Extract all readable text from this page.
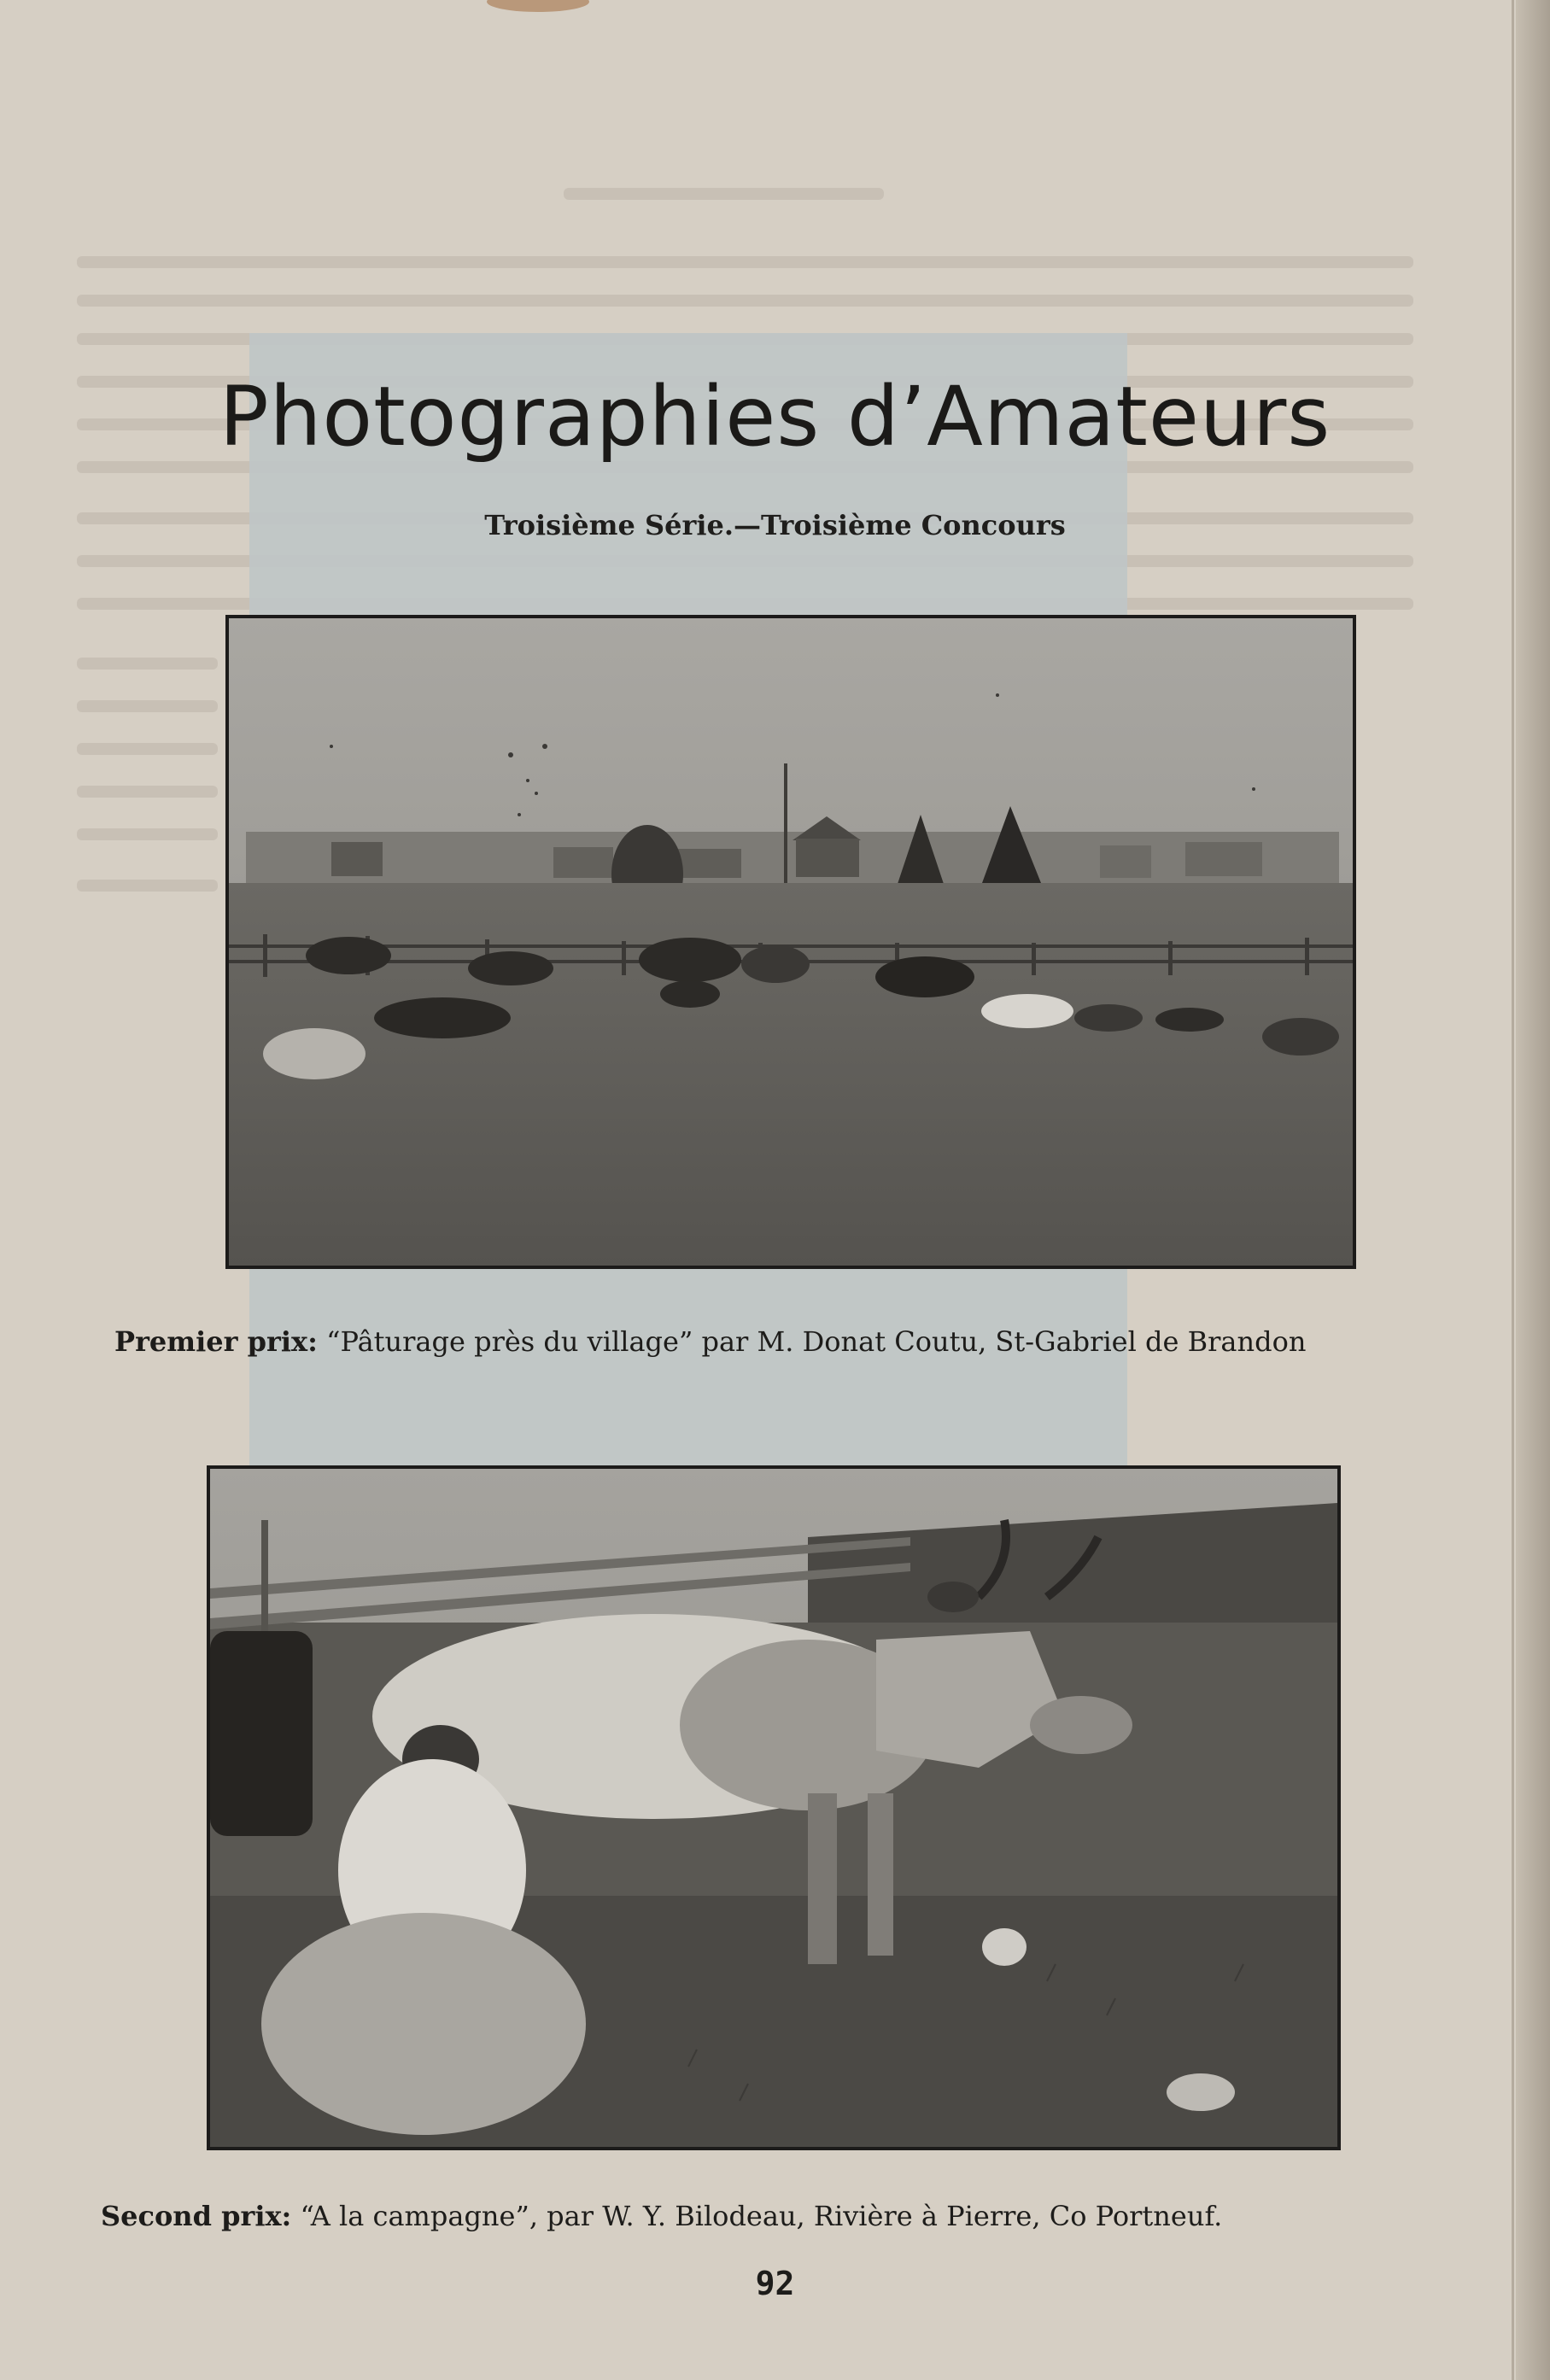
Photographies d’Amateurs
Troisième Série.—Troisième Concours
Premier prix: “Pâturage près du village” par M. Donat Coutu, St-Gabriel de Brandon
Second prix: “A la campagne”, par W. Y. Bilodeau, Rivière à Pierre, Co Portneuf.
92
